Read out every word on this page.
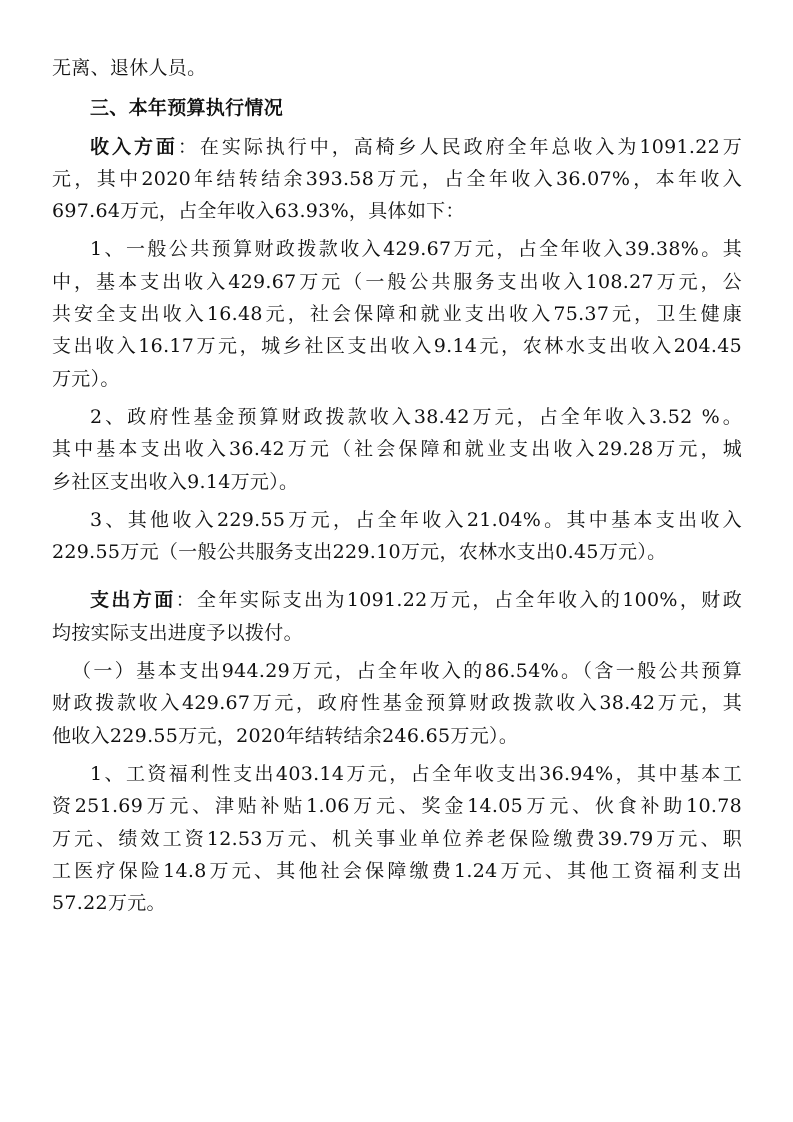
无离、退休人员。

三、本年预算执行情况

收入方面：在实际执行中，高椅乡人民政府全年总收入为1091.22万

元，其中2020年结转结余393.58万元，占全年收入36.07%，本年收入

697.64万元，占全年收入63.93%，具体如下：

1、一般公共预算财政拨款收入429.67万元，占全年收入39.38%。其

中，基本支出收入429.67万元（一般公共服务支出收入108.27万元，公

共安全支出收入16.48元，社会保障和就业支出收入75.37元，卫生健康

支出收入16.17万元，城乡社区支出收入9.14元，农林水支出收入204.45

万元）。

2、政府性基金预算财政拨款收入38.42万元，占全年收入3.52 %。

其中基本支出收入36.42万元（社会保障和就业支出收入29.28万元，城

乡社区支出收入9.14万元）。

3、其他收入229.55万元，占全年收入21.04%。其中基本支出收入

229.55万元（一般公共服务支出229.10万元，农林水支出0.45万元）。

支出方面：全年实际支出为1091.22万元，占全年收入的100%，财政

均按实际支出进度予以拨付。

（一）基本支出944.29万元，占全年收入的86.54%。（含一般公共预算

财政拨款收入429.67万元，政府性基金预算财政拨款收入38.42万元，其

他收入229.55万元，2020年结转结余246.65万元）。

1、工资福利性支出403.14万元，占全年收支出36.94%，其中基本工

资251.69万元、津贴补贴1.06万元、奖金14.05万元、伙食补助10.78

万元、绩效工资12.53万元、机关事业单位养老保险缴费39.79万元、职

工医疗保险14.8万元、其他社会保障缴费1.24万元、其他工资福利支出

57.22万元。
